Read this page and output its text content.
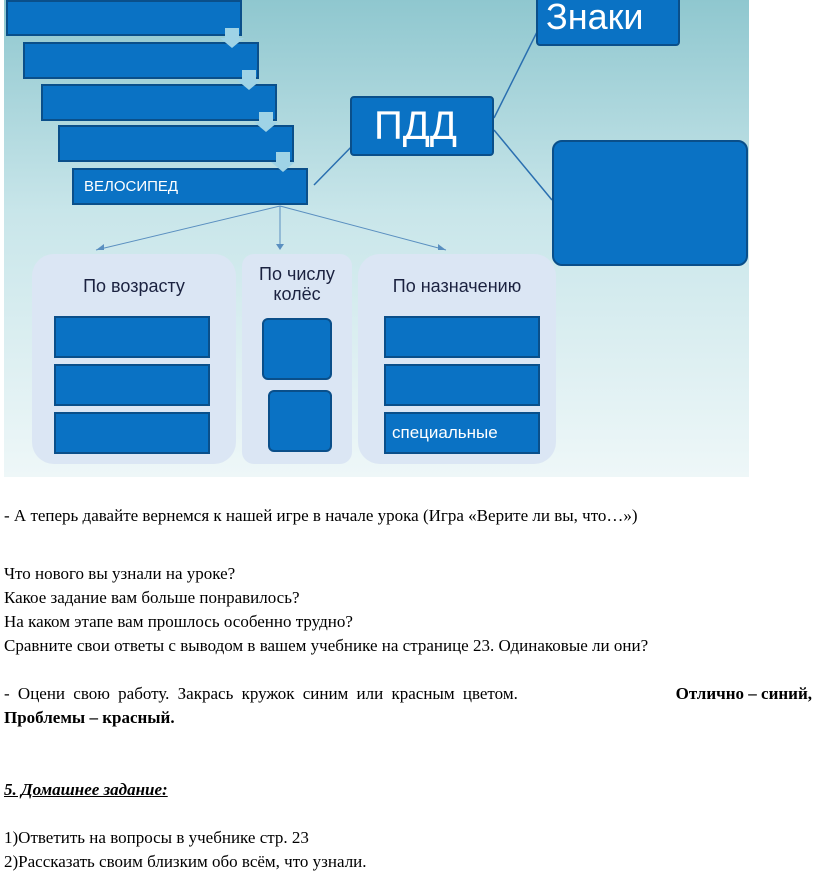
ВЕЛОСИПЕД
Знаки
ПДД
По возрасту
По числу колёс	По назначению
специальные
- А теперь давайте вернемся к нашей игре в начале урока (Игра «Верите ли вы, что…»)
Что нового вы узнали на уроке?
Какое задание вам больше понравилось?
На каком этапе вам прошлось особенно трудно?
Сравните свои ответы с выводом в вашем учебнике на странице 23. Одинаковые ли они?
- Оцени свою работу. Закрась кружок синим или красным цветом.	Отлично – синий,
Проблемы – красный.
5. Домашнее задание:
1)Ответить на вопросы в учебнике стр. 23
2)Рассказать своим близким обо всём, что узнали.
